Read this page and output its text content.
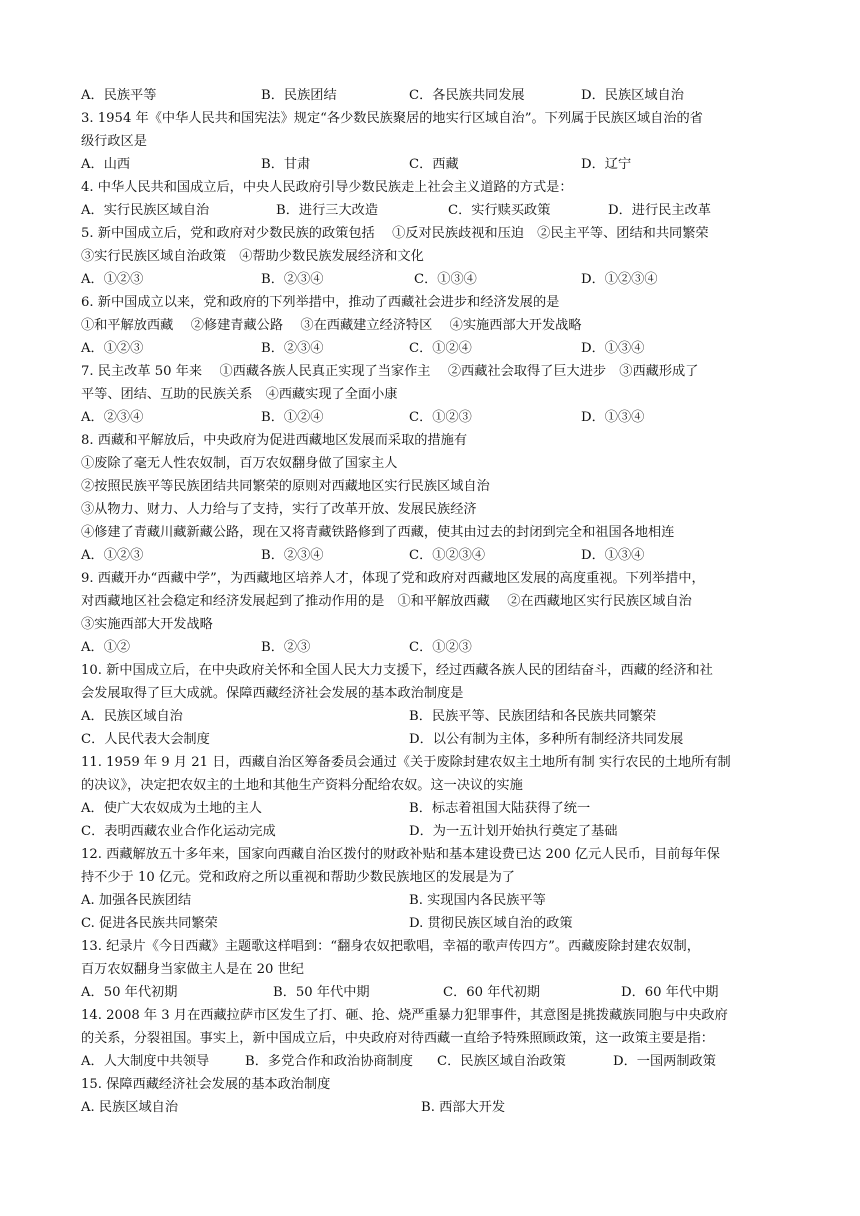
A．民族平等	B．民族团结	C．各民族共同发展	D．民族区域自治
3. 1954 年《中华人民共和国宪法》规定“各少数民族聚居的地实行区域自治”。下列属于民族区域自治的省
级行政区是
A．山西	B．甘肃	C．西藏	D．辽宁
4. 中华人民共和国成立后，中央人民政府引导少数民族走上社会主义道路的方式是：
A．实行民族区域自治	B．进行三大改造	C．实行赎买政策	D．进行民主改革
5. 新中国成立后，党和政府对少数民族的政策包括　 ①反对民族歧视和压迫　②民主平等、团结和共同繁荣
③实行民族区域自治政策　④帮助少数民族发展经济和文化
A．①②③	B．②③④	C．①③④	D．①②③④
6. 新中国成立以来，党和政府的下列举措中，推动了西藏社会进步和经济发展的是
①和平解放西藏　 ②修建青藏公路　 ③在西藏建立经济特区　 ④实施西部大开发战略
A．①②③	B．②③④	C．①②④	D．①③④
7. 民主改革 50 年来　 ①西藏各族人民真正实现了当家作主　 ②西藏社会取得了巨大进步　③西藏形成了
平等、团结、互助的民族关系　④西藏实现了全面小康
A．②③④	B．①②④	C．①②③	D．①③④
8. 西藏和平解放后，中央政府为促进西藏地区发展而采取的措施有
①废除了毫无人性农奴制，百万农奴翻身做了国家主人
②按照民族平等民族团结共同繁荣的原则对西藏地区实行民族区域自治
③从物力、财力、人力给与了支持，实行了改革开放、发展民族经济
④修建了青藏川藏新藏公路，现在又将青藏铁路修到了西藏，使其由过去的封闭到完全和祖国各地相连
A．①②③	B．②③④	C．①②③④	D．①③④
9. 西藏开办“西藏中学”，为西藏地区培养人才，体现了党和政府对西藏地区发展的高度重视。下列举措中，
对西藏地区社会稳定和经济发展起到了推动作用的是　①和平解放西藏　 ②在西藏地区实行民族区域自治
③实施西部大开发战略
A．①②	B．②③	C．①②③
10. 新中国成立后，在中央政府关怀和全国人民大力支援下，经过西藏各族人民的团结奋斗，西藏的经济和社
会发展取得了巨大成就。保障西藏经济社会发展的基本政治制度是
A．民族区域自治	B．民族平等、民族团结和各民族共同繁荣
C．人民代表大会制度	D．以公有制为主体，多种所有制经济共同发展
11. 1959 年 9 月 21 日，西藏自治区筹备委员会通过《关于废除封建农奴主土地所有制 实行农民的土地所有制
的决议》，决定把农奴主的土地和其他生产资料分配给农奴。这一决议的实施
A．使广大农奴成为土地的主人	B．标志着祖国大陆获得了统一
C．表明西藏农业合作化运动完成	D．为一五计划开始执行奠定了基础
12. 西藏解放五十多年来，国家向西藏自治区拨付的财政补贴和基本建设费已达 200 亿元人民币，目前每年保
持不少于 10 亿元。党和政府之所以重视和帮助少数民族地区的发展是为了
A. 加强各民族团结	B. 实现国内各民族平等
C. 促进各民族共同繁荣	D. 贯彻民族区域自治的政策
13. 纪录片《今日西藏》主题歌这样唱到：“翻身农奴把歌唱，幸福的歌声传四方”。西藏废除封建农奴制，
百万农奴翻身当家做主人是在 20 世纪
A．50 年代初期	B．50 年代中期	C．60 年代初期	D．60 年代中期
14. 2008 年 3 月在西藏拉萨市区发生了打、砸、抢、烧严重暴力犯罪事件，其意图是挑拨藏族同胞与中央政府
的关系，分裂祖国。事实上，新中国成立后，中央政府对待西藏一直给予特殊照顾政策，这一政策主要是指：
A．人大制度中共领导	B．多党合作和政治协商制度	C．民族区域自治政策	D．一国两制政策
15. 保障西藏经济社会发展的基本政治制度
A. 民族区域自治	B. 西部大开发
